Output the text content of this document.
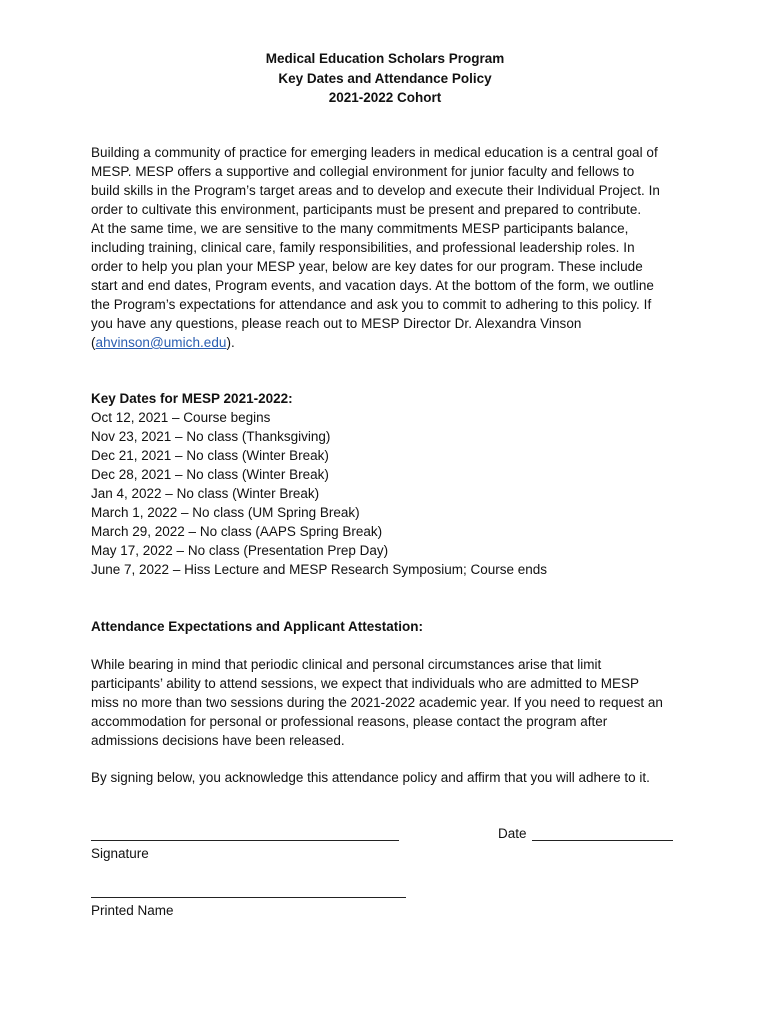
Medical Education Scholars Program
Key Dates and Attendance Policy
2021-2022 Cohort
Building a community of practice for emerging leaders in medical education is a central goal of
MESP. MESP offers a supportive and collegial environment for junior faculty and fellows to
build skills in the Program’s target areas and to develop and execute their Individual Project. In
order to cultivate this environment, participants must be present and prepared to contribute.
At the same time, we are sensitive to the many commitments MESP participants balance,
including training, clinical care, family responsibilities, and professional leadership roles. In
order to help you plan your MESP year, below are key dates for our program. These include
start and end dates, Program events, and vacation days. At the bottom of the form, we outline
the Program’s expectations for attendance and ask you to commit to adhering to this policy. If
you have any questions, please reach out to MESP Director Dr. Alexandra Vinson
(ahvinson@umich.edu).
Key Dates for MESP 2021-2022:
Oct 12, 2021 – Course begins
Nov 23, 2021 – No class (Thanksgiving)
Dec 21, 2021 – No class (Winter Break)
Dec 28, 2021 – No class (Winter Break)
Jan 4, 2022 – No class (Winter Break)
March 1, 2022 – No class (UM Spring Break)
March 29, 2022 – No class (AAPS Spring Break)
May 17, 2022 – No class (Presentation Prep Day)
June 7, 2022 – Hiss Lecture and MESP Research Symposium; Course ends
Attendance Expectations and Applicant Attestation:
While bearing in mind that periodic clinical and personal circumstances arise that limit
participants’ ability to attend sessions, we expect that individuals who are admitted to MESP
miss no more than two sessions during the 2021-2022 academic year. If you need to request an
accommodation for personal or professional reasons, please contact the program after
admissions decisions have been released.
By signing below, you acknowledge this attendance policy and affirm that you will adhere to it.
Signature
Date
Printed Name
